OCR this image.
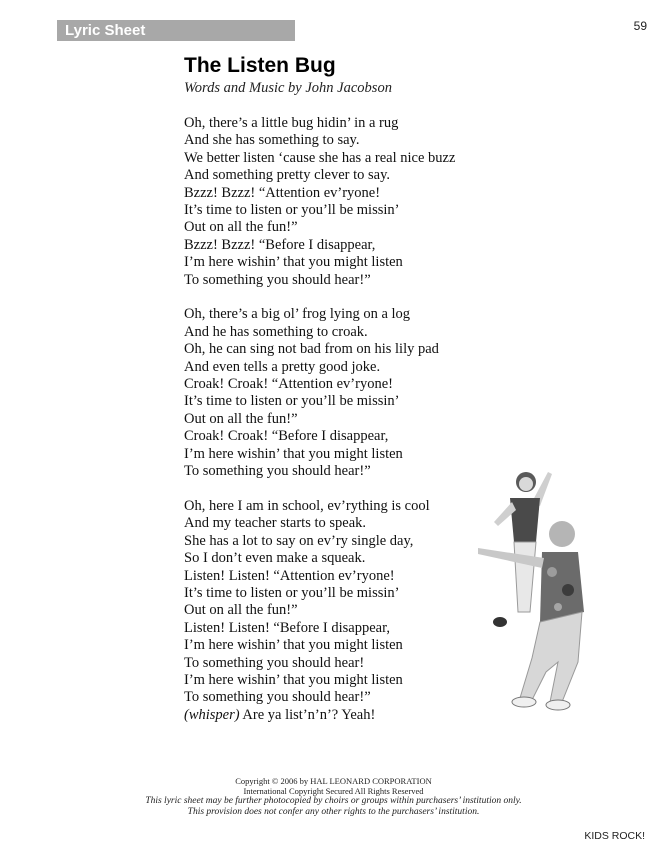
Lyric Sheet	59
The Listen Bug
Words and Music by John Jacobson
Oh, there’s a little bug hidin’ in a rug
And she has something to say.
We better listen ‘cause she has a real nice buzz
And something pretty clever to say.
Bzzz! Bzzz! “Attention ev’ryone!
It’s time to listen or you’ll be missin’
Out on all the fun!”
Bzzz! Bzzz! “Before I disappear,
I’m here wishin’ that you might listen
To something you should hear!”
Oh, there’s a big ol’ frog lying on a log
And he has something to croak.
Oh, he can sing not bad from on his lily pad
And even tells a pretty good joke.
Croak! Croak! “Attention ev’ryone!
It’s time to listen or you’ll be missin’
Out on all the fun!”
Croak! Croak! “Before I disappear,
I’m here wishin’ that you might listen
To something you should hear!”
Oh, here I am in school, ev’rything is cool
And my teacher starts to speak.
She has a lot to say on ev’ry single day,
So I don’t even make a squeak.
Listen! Listen! “Attention ev’ryone!
It’s time to listen or you’ll be missin’
Out on all the fun!”
Listen! Listen! “Before I disappear,
I’m here wishin’ that you might listen
To something you should hear!
I’m here wishin’ that you might listen
To something you should hear!”
(whisper) Are ya list’n’n’? Yeah!
Copyright © 2006 by HAL LEONARD CORPORATION
International Copyright Secured All Rights Reserved
This lyric sheet may be further photocopied by choirs or groups within purchasers’ institution only.
This provision does not confer any other rights to the purchasers’ institution.
KIDS ROCK!
